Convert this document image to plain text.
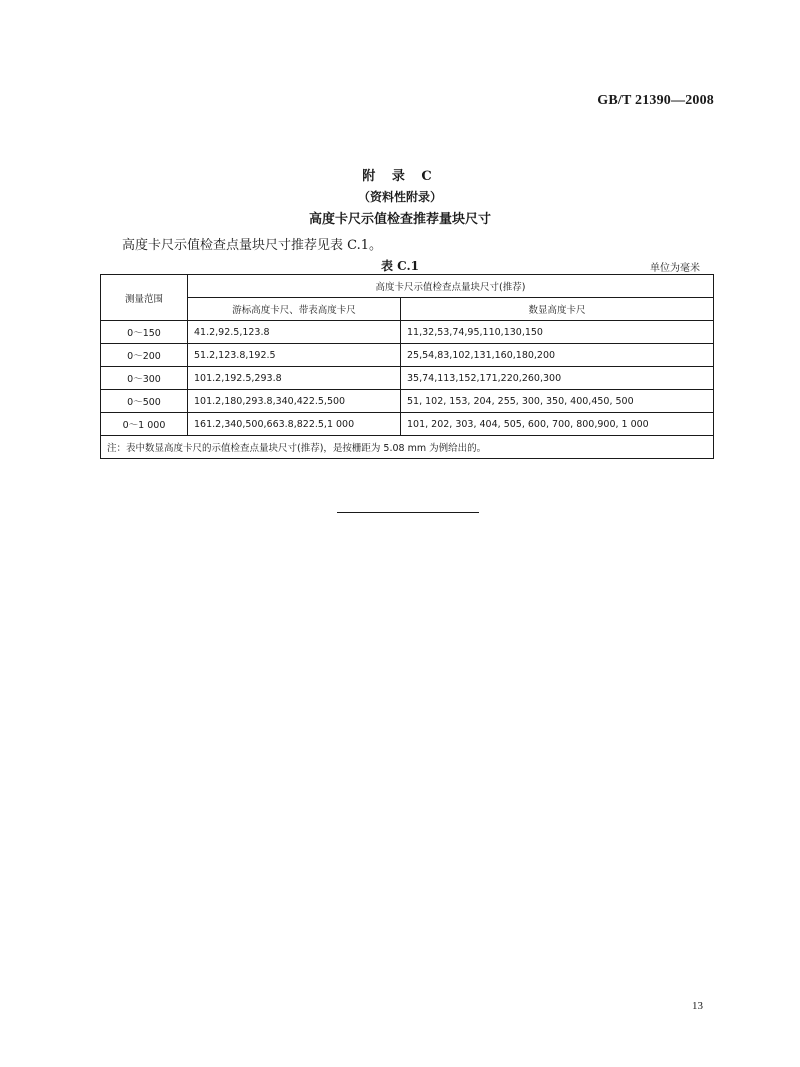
GB/T 21390—2008
附 录 C
（资料性附录）
高度卡尺示值检查推荐量块尺寸
高度卡尺示值检查点量块尺寸推荐见表 C.1。
表 C.1	单位为毫米
测量范围	高度卡尺示值检查点量块尺寸(推荐)	
	游标高度卡尺、带表高度卡尺	数显高度卡尺
0～150	41.2,92.5,123.8	11,32,53,74,95,110,130,150
0～200	51.2,123.8,192.5	25,54,83,102,131,160,180,200
0～300	101.2,192.5,293.8	35,74,113,152,171,220,260,300
0～500	101.2,180,293.8,340,422.5,500	51, 102, 153, 204, 255, 300, 350, 400,450, 500
0～1 000	161.2,340,500,663.8,822.5,1 000	101, 202, 303, 404, 505, 600, 700, 800,900, 1 000
注：表中数显高度卡尺的示值检查点量块尺寸(推荐)，是按栅距为 5.08 mm 为例给出的。		
13
